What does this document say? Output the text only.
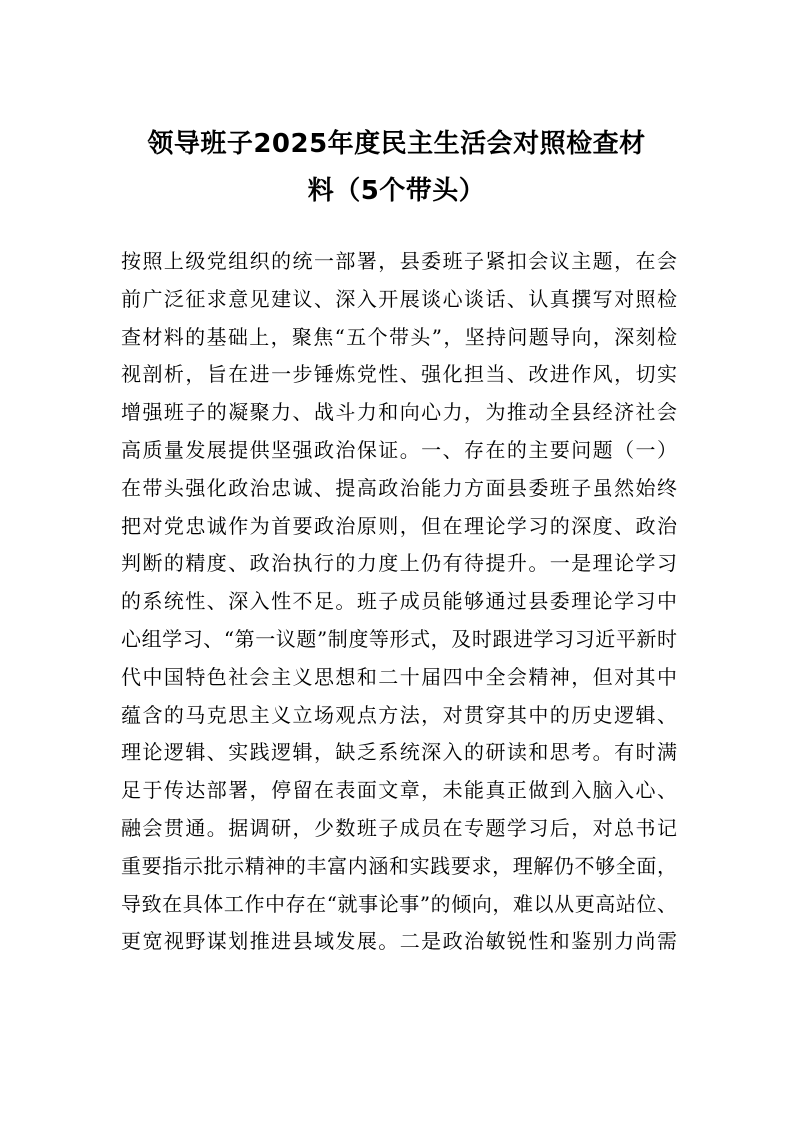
领导班子2025年度民主生活会对照检查材
料（5个带头）
按照上级党组织的统一部署，县委班子紧扣会议主题，在会
前广泛征求意见建议、深入开展谈心谈话、认真撰写对照检
查材料的基础上，聚焦“五个带头”，坚持问题导向，深刻检
视剖析，旨在进一步锤炼党性、强化担当、改进作风，切实
增强班子的凝聚力、战斗力和向心力，为推动全县经济社会
高质量发展提供坚强政治保证。一、存在的主要问题（一）
在带头强化政治忠诚、提高政治能力方面县委班子虽然始终
把对党忠诚作为首要政治原则，但在理论学习的深度、政治
判断的精度、政治执行的力度上仍有待提升。一是理论学习
的系统性、深入性不足。班子成员能够通过县委理论学习中
心组学习、“第一议题”制度等形式，及时跟进学习习近平新时
代中国特色社会主义思想和二十届四中全会精神，但对其中
蕴含的马克思主义立场观点方法，对贯穿其中的历史逻辑、
理论逻辑、实践逻辑，缺乏系统深入的研读和思考。有时满
足于传达部署，停留在表面文章，未能真正做到入脑入心、
融会贯通。据调研，少数班子成员在专题学习后，对总书记
重要指示批示精神的丰富内涵和实践要求，理解仍不够全面，
导致在具体工作中存在“就事论事”的倾向，难以从更高站位、
更宽视野谋划推进县域发展。二是政治敏锐性和鉴别力尚需
